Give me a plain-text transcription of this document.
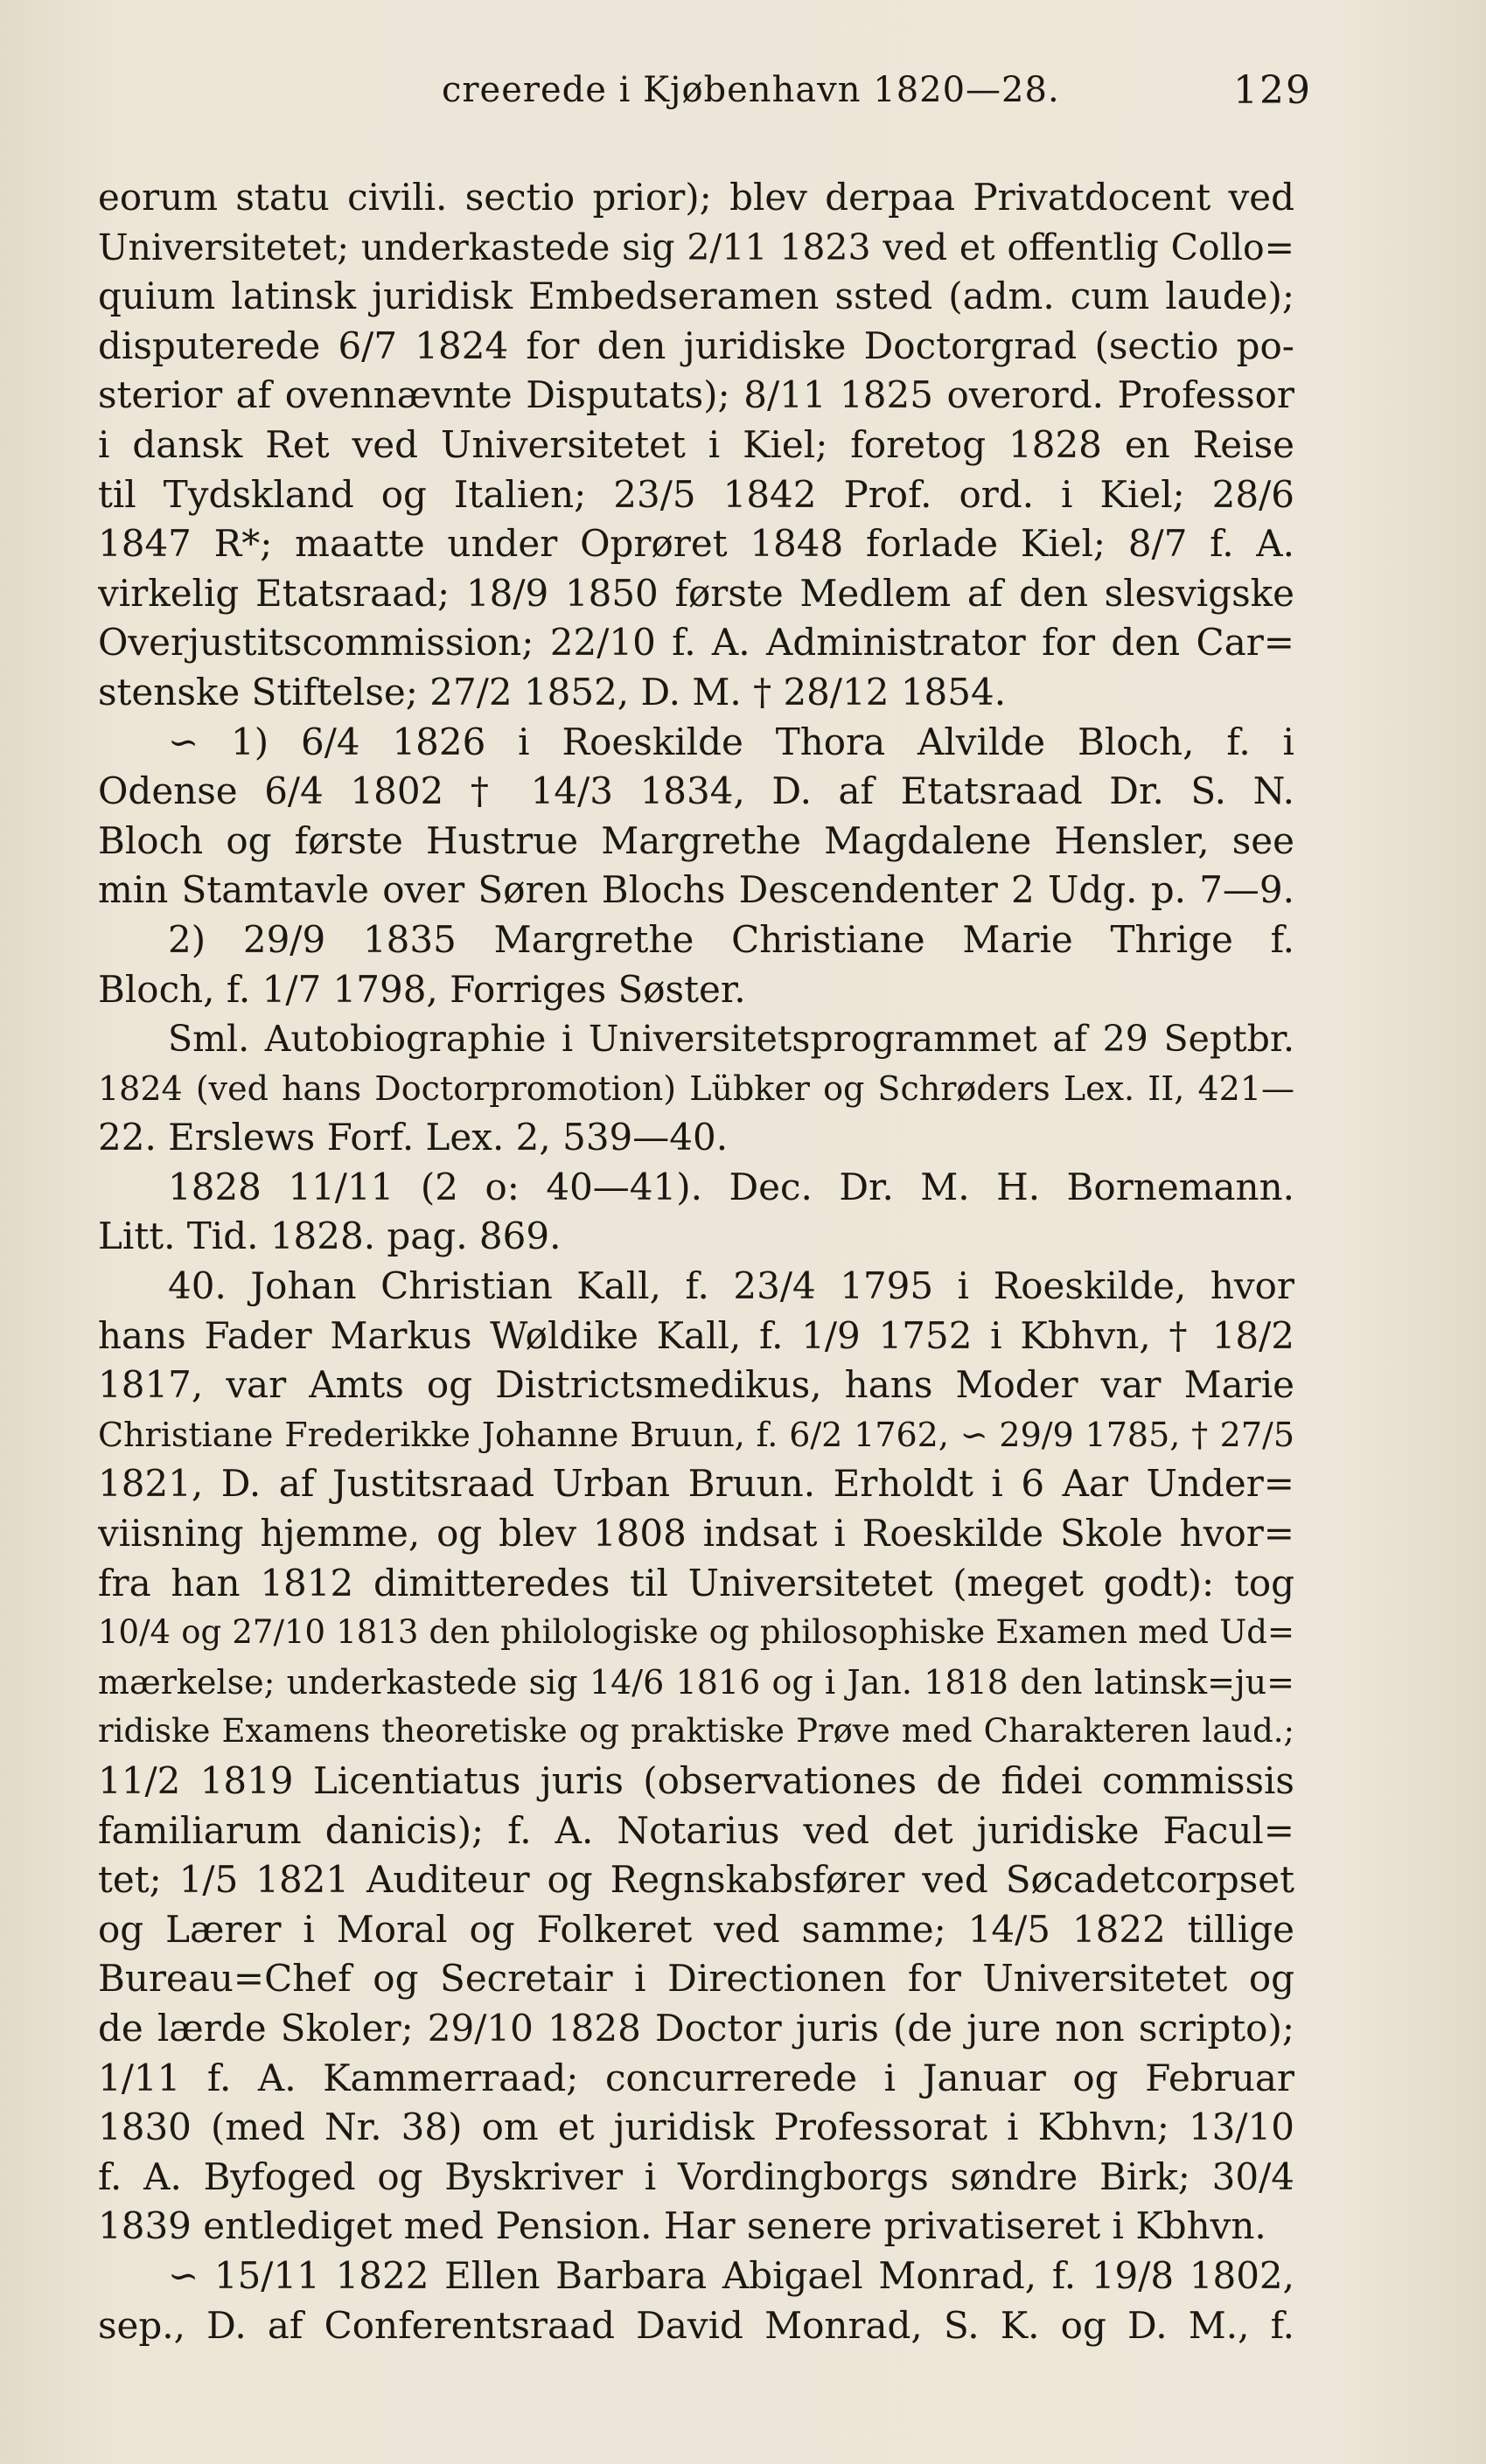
creerede i Kjøbenhavn 1820—28.	129
eorum statu civili. sectio prior); blev derpaa Privatdocent ved
Universitetet; underkastede sig 2/11 1823 ved et offentlig Collo=
quium latinsk juridisk Embedseramen ssted (adm. cum laude);
disputerede 6/7 1824 for den juridiske Doctorgrad (sectio po-
sterior af ovennævnte Disputats); 8/11 1825 overord. Professor
i dansk Ret ved Universitetet i Kiel; foretog 1828 en Reise
til Tydskland og Italien; 23/5 1842 Prof. ord. i Kiel; 28/6
1847 R*; maatte under Oprøret 1848 forlade Kiel; 8/7 f. A.
virkelig Etatsraad; 18/9 1850 første Medlem af den slesvigske
Overjustitscommission; 22/10 f. A. Administrator for den Car=
stenske Stiftelse; 27/2 1852, D. M. † 28/12 1854.
∽ 1) 6/4 1826 i Roeskilde Thora Alvilde Bloch, f. i
Odense 6/4 1802 † 14/3 1834, D. af Etatsraad Dr. S. N.
Bloch og første Hustrue Margrethe Magdalene Hensler, see
min Stamtavle over Søren Blochs Descendenter 2 Udg. p. 7—9.
2) 29/9 1835 Margrethe Christiane Marie Thrige f.
Bloch, f. 1/7 1798, Forriges Søster.
Sml. Autobiographie i Universitetsprogrammet af 29 Septbr.
1824 (ved hans Doctorpromotion) Lübker og Schrøders Lex. II, 421—
22. Erslews Forf. Lex. 2, 539—40.
1828 11/11 (2 o: 40—41). Dec. Dr. M. H. Bornemann.
Litt. Tid. 1828. pag. 869.
40. Johan Christian Kall, f. 23/4 1795 i Roeskilde, hvor
hans Fader Markus Wøldike Kall, f. 1/9 1752 i Kbhvn, † 18/2
1817, var Amts og Districtsmedikus, hans Moder var Marie
Christiane Frederikke Johanne Bruun, f. 6/2 1762, ∽ 29/9 1785, † 27/5
1821, D. af Justitsraad Urban Bruun. Erholdt i 6 Aar Under=
viisning hjemme, og blev 1808 indsat i Roeskilde Skole hvor=
fra han 1812 dimitteredes til Universitetet (meget godt): tog
10/4 og 27/10 1813 den philologiske og philosophiske Examen med Ud=
mærkelse; underkastede sig 14/6 1816 og i Jan. 1818 den latinsk=ju=
ridiske Examens theoretiske og praktiske Prøve med Charakteren laud.;
11/2 1819 Licentiatus juris (observationes de fidei commissis
familiarum danicis); f. A. Notarius ved det juridiske Facul=
tet; 1/5 1821 Auditeur og Regnskabsfører ved Søcadetcorpset
og Lærer i Moral og Folkeret ved samme; 14/5 1822 tillige
Bureau=Chef og Secretair i Directionen for Universitetet og
de lærde Skoler; 29/10 1828 Doctor juris (de jure non scripto);
1/11 f. A. Kammerraad; concurrerede i Januar og Februar
1830 (med Nr. 38) om et juridisk Professorat i Kbhvn; 13/10
f. A. Byfoged og Byskriver i Vordingborgs søndre Birk; 30/4
1839 entlediget med Pension. Har senere privatiseret i Kbhvn.
∽ 15/11 1822 Ellen Barbara Abigael Monrad, f. 19/8 1802,
sep., D. af Conferentsraad David Monrad, S. K. og D. M., f.
